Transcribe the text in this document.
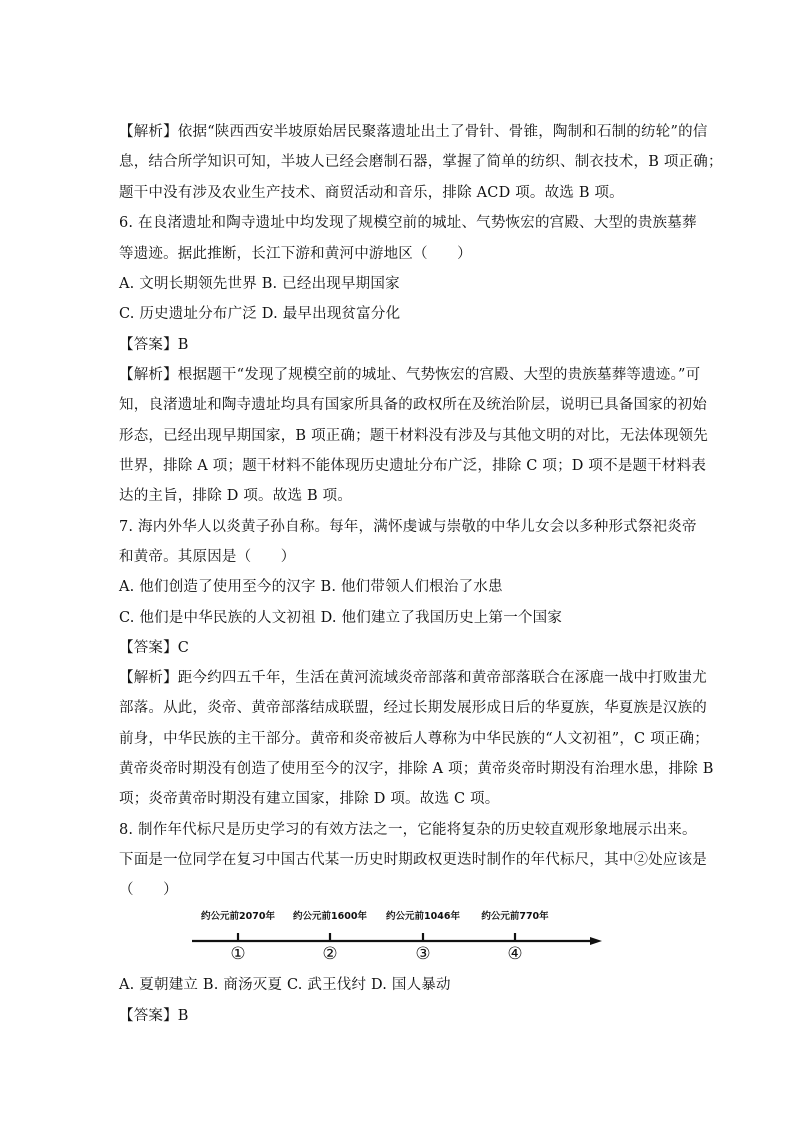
【解析】依据“陕西西安半坡原始居民聚落遗址出土了骨针、骨锥，陶制和石制的纺轮”的信
息，结合所学知识可知，半坡人已经会磨制石器，掌握了简单的纺织、制衣技术，B 项正确；
题干中没有涉及农业生产技术、商贸活动和音乐，排除 ACD 项。故选 B 项。
6. 在良渚遗址和陶寺遗址中均发现了规模空前的城址、气势恢宏的宫殿、大型的贵族墓葬
等遗迹。据此推断，长江下游和黄河中游地区（　　）
A. 文明长期领先世界 B. 已经出现早期国家
C. 历史遗址分布广泛 D. 最早出现贫富分化
【答案】B
【解析】根据题干“发现了规模空前的城址、气势恢宏的宫殿、大型的贵族墓葬等遗迹。”可
知，良渚遗址和陶寺遗址均具有国家所具备的政权所在及统治阶层，说明已具备国家的初始
形态，已经出现早期国家，B 项正确；题干材料没有涉及与其他文明的对比，无法体现领先
世界，排除 A 项；题干材料不能体现历史遗址分布广泛，排除 C 项；D 项不是题干材料表
达的主旨，排除 D 项。故选 B 项。
7. 海内外华人以炎黄子孙自称。每年，满怀虔诚与崇敬的中华儿女会以多种形式祭祀炎帝
和黄帝。其原因是（　　）
A. 他们创造了使用至今的汉字 B. 他们带领人们根治了水患
C. 他们是中华民族的人文初祖 D. 他们建立了我国历史上第一个国家
【答案】C
【解析】距今约四五千年，生活在黄河流域炎帝部落和黄帝部落联合在涿鹿一战中打败蚩尤
部落。从此，炎帝、黄帝部落结成联盟，经过长期发展形成日后的华夏族，华夏族是汉族的
前身，中华民族的主干部分。黄帝和炎帝被后人尊称为中华民族的“人文初祖”，C 项正确；
黄帝炎帝时期没有创造了使用至今的汉字，排除 A 项；黄帝炎帝时期没有治理水患，排除 B
项；炎帝黄帝时期没有建立国家，排除 D 项。故选 C 项。
8. 制作年代标尺是历史学习的有效方法之一，它能将复杂的历史较直观形象地展示出来。
下面是一位同学在复习中国古代某一历史时期政权更迭时制作的年代标尺，其中②处应该是
（　　）
约公元前2070年 约公元前1600年 约公元前1046年 约公元前770年
①	②	③	④
A. 夏朝建立 B. 商汤灭夏 C. 武王伐纣 D. 国人暴动
【答案】B
